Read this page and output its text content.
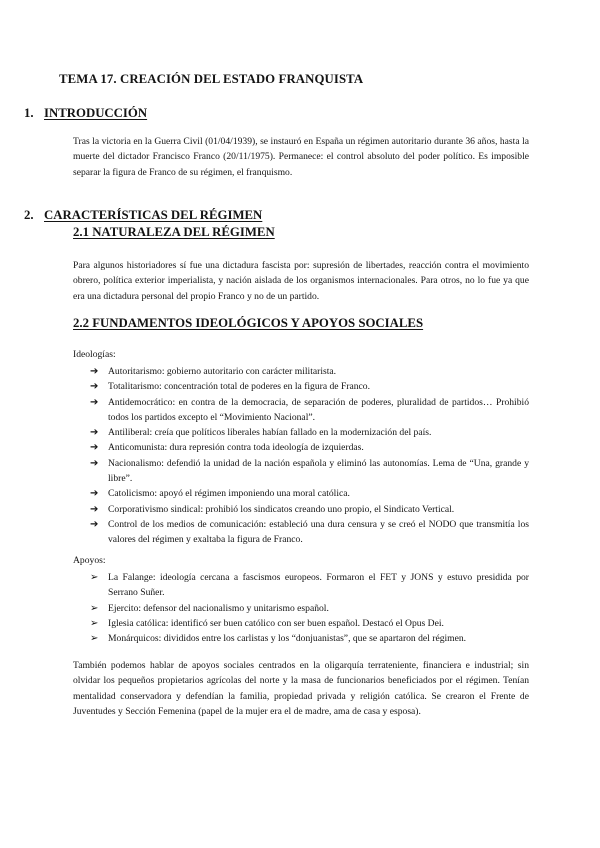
TEMA 17. CREACIÓN DEL ESTADO FRANQUISTA
1. INTRODUCCIÓN

Tras la victoria en la Guerra Civil (01/04/1939), se instauró en España un régimen autoritario durante 36 años, hasta la muerte del dictador Francisco Franco (20/11/1975). Permanece: el control absoluto del poder político. Es imposible separar la figura de Franco de su régimen, el franquismo.

2. CARACTERÍSTICAS DEL RÉGIMEN
2.1 NATURALEZA DEL RÉGIMEN

Para algunos historiadores sí fue una dictadura fascista por: supresión de libertades, reacción contra el movimiento obrero, política exterior imperialista, y nación aislada de los organismos internacionales. Para otros, no lo fue ya que era una dictadura personal del propio Franco y no de un partido.

2.2 FUNDAMENTOS IDEOLÓGICOS Y APOYOS SOCIALES

Ideologías:

➔ Autoritarismo: gobierno autoritario con carácter militarista.
➔ Totalitarismo: concentración total de poderes en la figura de Franco.
➔ Antidemocrático: en contra de la democracia, de separación de poderes, pluralidad de partidos… Prohibió todos los partidos excepto el “Movimiento Nacional”.
➔ Antiliberal: creía que políticos liberales habían fallado en la modernización del país.
➔ Anticomunista: dura represión contra toda ideología de izquierdas.
➔ Nacionalismo: defendió la unidad de la nación española y eliminó las autonomías. Lema de “Una, grande y libre”.
➔ Catolicismo: apoyó el régimen imponiendo una moral católica.
➔ Corporativismo sindical: prohibió los sindicatos creando uno propio, el Sindicato Vertical.
➔ Control de los medios de comunicación: estableció una dura censura y se creó el NODO que transmitía los valores del régimen y exaltaba la figura de Franco.

Apoyos:

➢ La Falange: ideología cercana a fascismos europeos. Formaron el FET y JONS y estuvo presidida por Serrano Suñer.
➢ Ejercito: defensor del nacionalismo y unitarismo español.
➢ Iglesia católica: identificó ser buen católico con ser buen español. Destacó el Opus Dei.
➢ Monárquicos: divididos entre los carlistas y los “donjuanistas”, que se apartaron del régimen.

También podemos hablar de apoyos sociales centrados en la oligarquía terrateniente, financiera e industrial; sin olvidar los pequeños propietarios agrícolas del norte y la masa de funcionarios beneficiados por el régimen. Tenían mentalidad conservadora y defendían la familia, propiedad privada y religión católica. Se crearon el Frente de Juventudes y Sección Femenina (papel de la mujer era el de madre, ama de casa y esposa).
